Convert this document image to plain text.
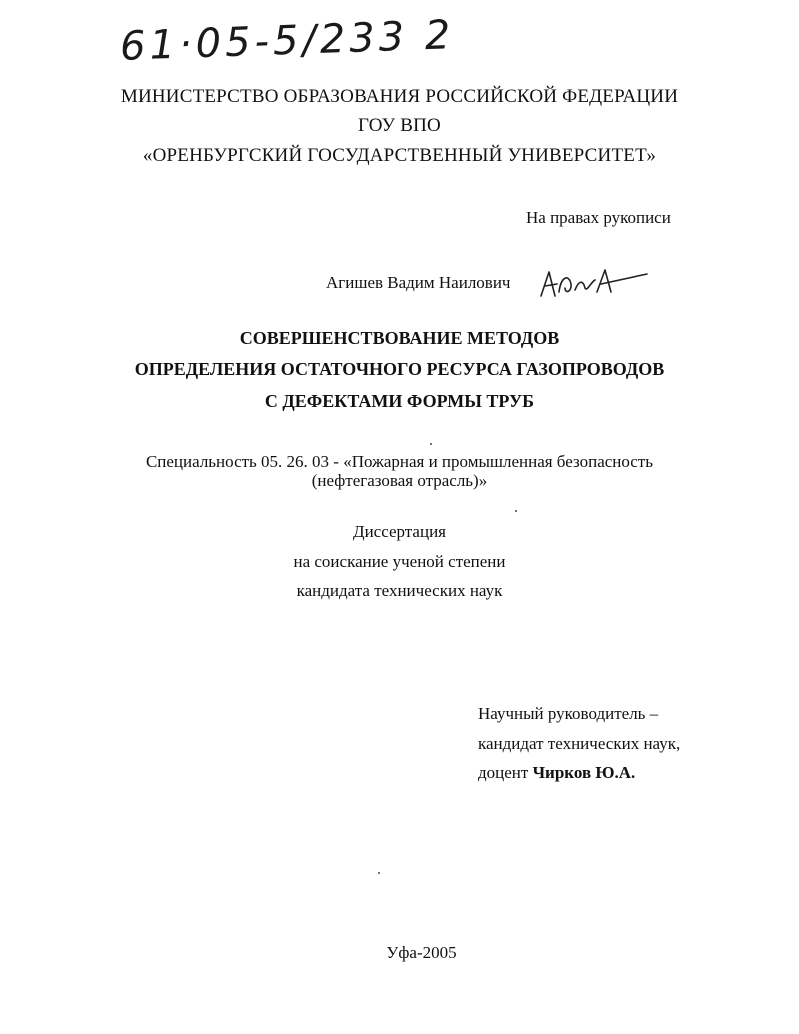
61·05-5/233 2
МИНИСТЕРСТВО ОБРАЗОВАНИЯ РОССИЙСКОЙ ФЕДЕРАЦИИ
ГОУ ВПО
«ОРЕНБУРГСКИЙ ГОСУДАРСТВЕННЫЙ УНИВЕРСИТЕТ»
На правах рукописи
Агишев Вадим Наилович
СОВЕРШЕНСТВОВАНИЕ МЕТОДОВ
ОПРЕДЕЛЕНИЯ ОСТАТОЧНОГО РЕСУРСА ГАЗОПРОВОДОВ
С ДЕФЕКТАМИ ФОРМЫ ТРУБ
Специальность 05. 26. 03 - «Пожарная и промышленная безопасность
(нефтегазовая отрасль)»
Диссертация
на соискание ученой степени
кандидата технических наук
Научный руководитель –
кандидат технических наук,
доцент Чирков Ю.А.
Уфа-2005
